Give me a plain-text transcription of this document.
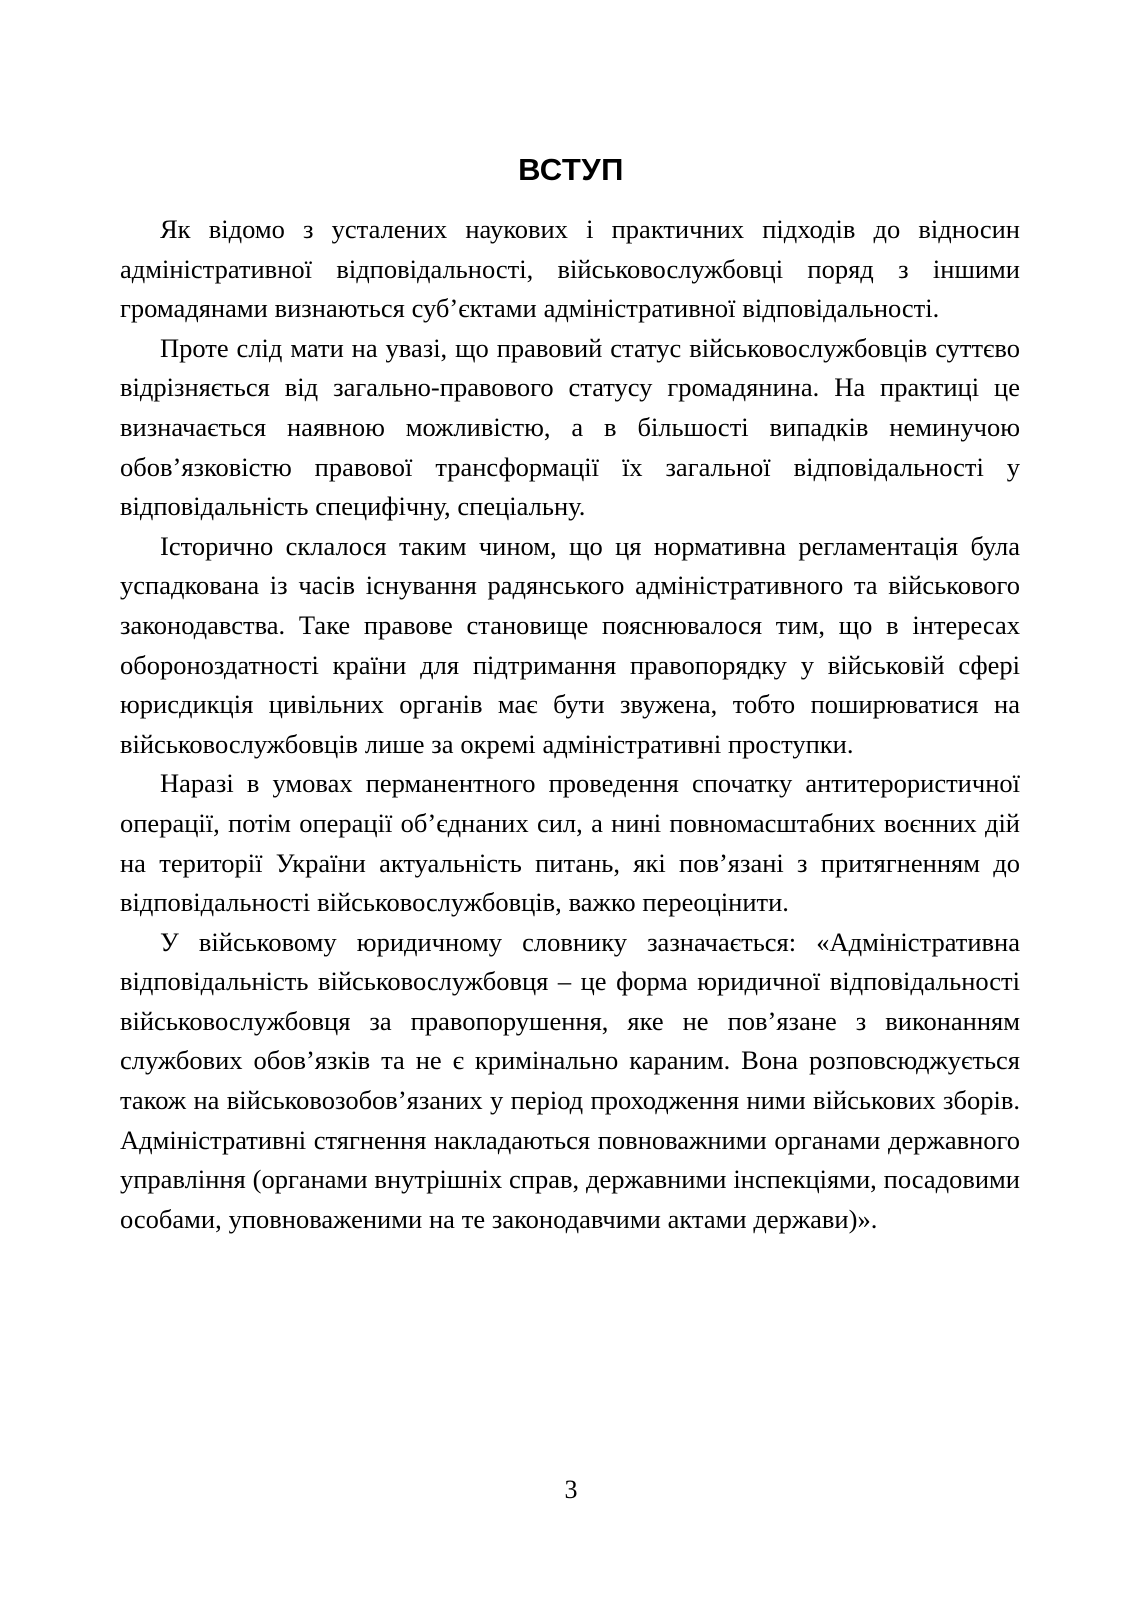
ВСТУП

Як відомо з усталених наукових і практичних підходів до відносин адміністративної відповідальності, військовослужбовці поряд з іншими громадянами визнаються суб’єктами адміністративної відповідальності.

Проте слід мати на увазі, що правовий статус військовослужбовців суттєво відрізняється від загально-правового статусу громадянина. На практиці це визначається наявною можливістю, а в більшості випадків неминучою обов’язковістю правової трансформації їх загальної відповідальності у відповідальність специфічну, спеціальну.

Історично склалося таким чином, що ця нормативна регламентація була успадкована із часів існування радянського адміністративного та військового законодавства. Таке правове становище пояснювалося тим, що в інтересах обороноздатності країни для підтримання правопорядку у військовій сфері юрисдикція цивільних органів має бути звужена, тобто поширюватися на військовослужбовців лише за окремі адміністративні проступки.

Наразі в умовах перманентного проведення спочатку антитерористичної операції, потім операції об’єднаних сил, а нині повномасштабних воєнних дій на території України актуальність питань, які пов’язані з притягненням до відповідальності військовослужбовців, важко переоцінити.

У військовому юридичному словнику зазначається: «Адміністративна відповідальність військовослужбовця – це форма юридичної відповідальності військовослужбовця за правопорушення, яке не пов’язане з виконанням службових обов’язків та не є кримінально караним. Вона розповсюджується також на військовозобов’язаних у період проходження ними військових зборів. Адміністративні стягнення накладаються повноважними органами державного управління (органами внутрішніх справ, державними інспекціями, посадовими особами, уповноваженими на те законодавчими актами держави)».

3
